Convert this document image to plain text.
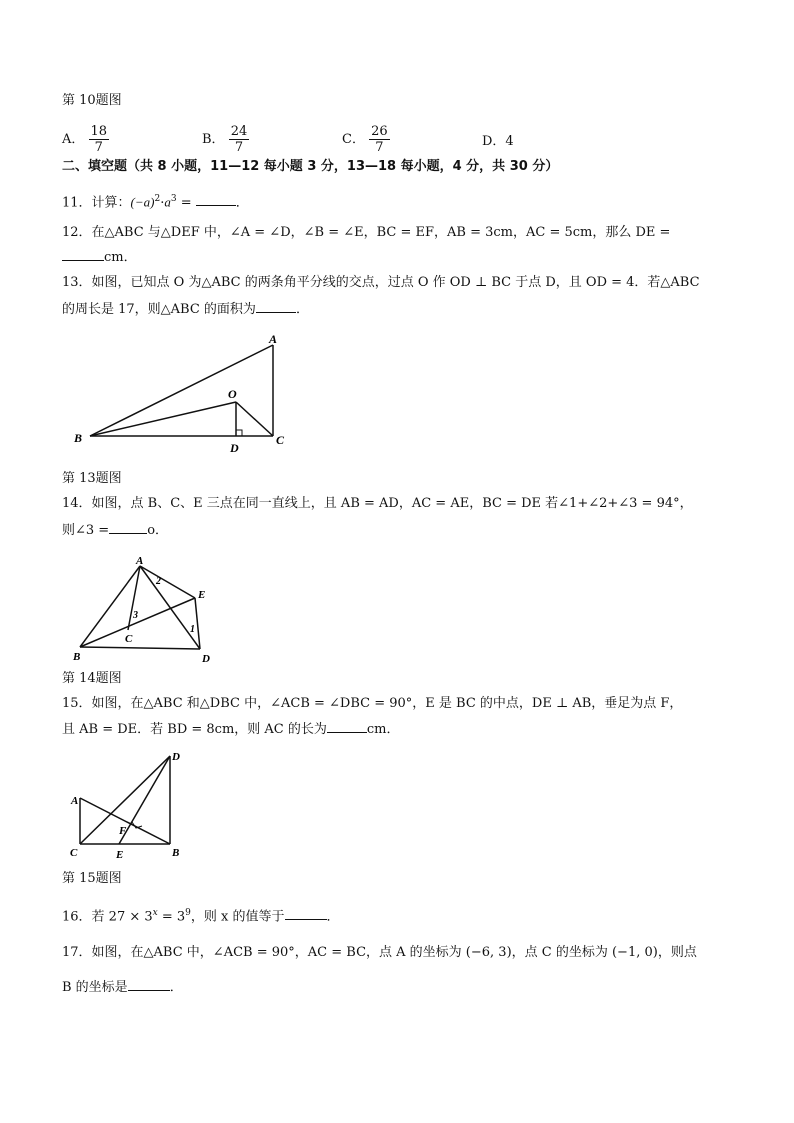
第 10题图
A． $\frac{18}{7}$	B． $\frac{24}{7}$	C． $\frac{26}{7}$	D．4
二、填空题（共 8 小题，11—12 每小题 3 分，13—18 每小题，4 分，共 30 分）
11．计算：$(-a)^2\cdot a^3$ =	．
12．在△ABC 与△DEF 中，∠A = ∠D，∠B = ∠E，BC = EF，AB = 3cm，AC = 5cm，那么 DE =
cm．
13．如图，已知点 O 为△ABC 的两条角平分线的交点，过点 O 作 OD ⊥ BC 于点 D，且 OD = 4．若△ABC
的周长是 17，则△ABC 的面积为	．
A
B	C
O
D
第 13题图
14．如图，点 B、C、E 三点在同一直线上，且 AB = AD，AC = AE，BC = DE 若∠1+∠2+∠3 = 94°，
则∠3 =	o．
A
B
C
D
E
1
2
3
第 14题图
15．如图，在△ABC 和△DBC 中，∠ACB = ∠DBC = 90°，E 是 BC 的中点，DE ⊥ AB，垂足为点 F，
且 AB = DE．若 BD = 8cm，则 AC 的长为	cm．
A
B
C
D
E
F
第 15题图
16．若 $27 \times 3^x = 3^9$，则 x 的值等于	．
17．如图，在△ABC 中，∠ACB = 90°，AC = BC，点 A 的坐标为 (−6, 3)，点 C 的坐标为 (−1, 0)，则点
B 的坐标是	．
